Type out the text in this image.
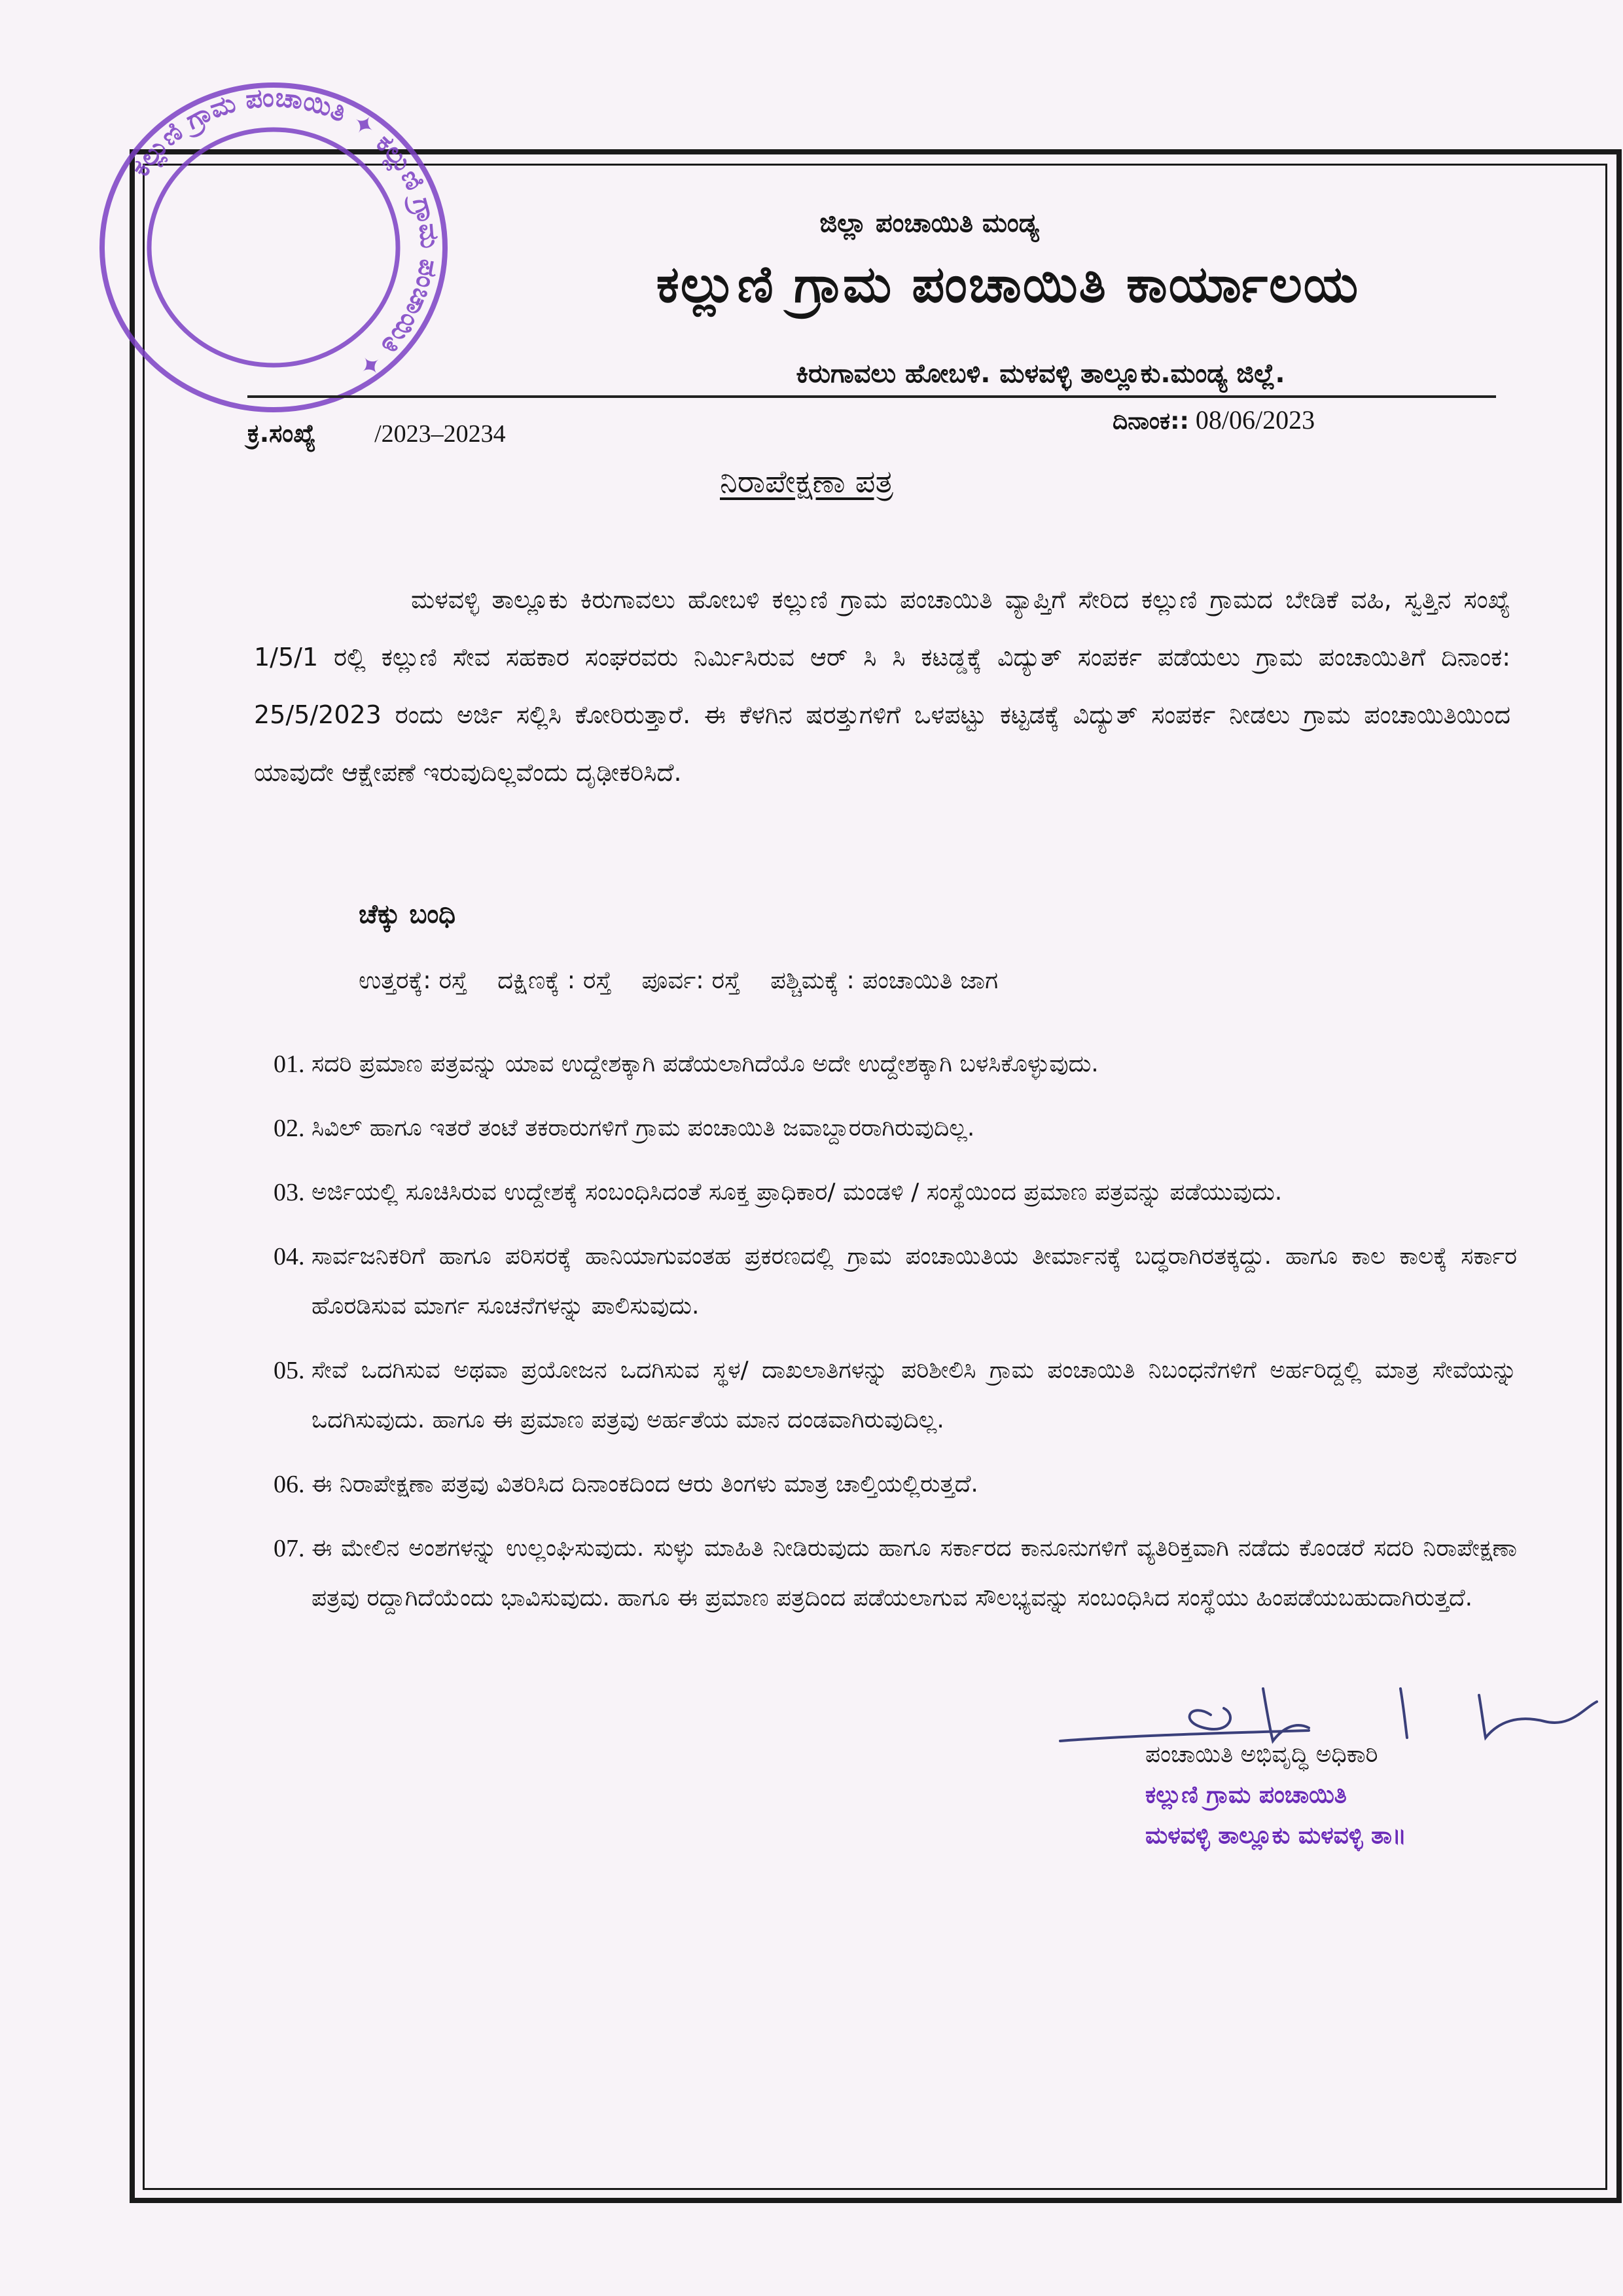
ಕಲ್ಲುಣಿ ಗ್ರಾಮ ಪಂಚಾಯಿತಿ ✦ ಕಲ್ಲುಣಿ ಗ್ರಾಮ ಪಂಚಾಯಿತಿ ✦
ಜಿಲ್ಲಾ ಪಂಚಾಯಿತಿ ಮಂಡ್ಯ
ಕಲ್ಲುಣಿ ಗ್ರಾಮ ಪಂಚಾಯಿತಿ ಕಾರ್ಯಾಲಯ
ಕಿರುಗಾವಲು ಹೋಬಳಿ. ಮಳವಳ್ಳಿ ತಾಲ್ಲೂಕು.ಮಂಡ್ಯ ಜಿಲ್ಲೆ.
ಕ್ರ.ಸಂಖ್ಯೆ /2023–20234	ದಿನಾಂಕ:: 08/06/2023
ನಿರಾಪೇಕ್ಷಣಾ ಪತ್ರ
ಮಳವಳ್ಳಿ ತಾಲ್ಲೂಕು ಕಿರುಗಾವಲು ಹೋಬಳಿ ಕಲ್ಲುಣಿ ಗ್ರಾಮ ಪಂಚಾಯಿತಿ ವ್ಯಾಪ್ತಿಗೆ ಸೇರಿದ ಕಲ್ಲುಣಿ ಗ್ರಾಮದ ಬೇಡಿಕೆ ವಹಿ, ಸ್ವತ್ತಿನ ಸಂಖ್ಯೆ 1/5/1 ರಲ್ಲಿ ಕಲ್ಲುಣಿ ಸೇವ ಸಹಕಾರ ಸಂಘರವರು ನಿರ್ಮಿಸಿರುವ ಆರ್ ಸಿ ಸಿ ಕಟಡ್ಡಕ್ಕೆ ವಿದ್ಯುತ್ ಸಂಪರ್ಕ ಪಡೆಯಲು ಗ್ರಾಮ ಪಂಚಾಯಿತಿಗೆ ದಿನಾಂಕ: 25/5/2023 ರಂದು ಅರ್ಜಿ ಸಲ್ಲಿಸಿ ಕೋರಿರುತ್ತಾರೆ. ಈ ಕೆಳಗಿನ ಷರತ್ತುಗಳಿಗೆ ಒಳಪಟ್ಟು ಕಟ್ಟಡಕ್ಕೆ ವಿದ್ಯುತ್ ಸಂಪರ್ಕ ನೀಡಲು ಗ್ರಾಮ ಪಂಚಾಯಿತಿಯಿಂದ ಯಾವುದೇ ಆಕ್ಷೇಪಣೆ ಇರುವುದಿಲ್ಲವೆಂದು ದೃಢೀಕರಿಸಿದೆ.
ಚೆಕ್ಕು ಬಂಧಿ
ಉತ್ತರಕ್ಕೆ: ರಸ್ತೆ ದಕ್ಷಿಣಕ್ಕೆ : ರಸ್ತೆ ಪೂರ್ವ: ರಸ್ತೆ ಪಶ್ಚಿಮಕ್ಕೆ : ಪಂಚಾಯಿತಿ ಜಾಗ
01. ಸದರಿ ಪ್ರಮಾಣ ಪತ್ರವನ್ನು ಯಾವ ಉದ್ದೇಶಕ್ಕಾಗಿ ಪಡೆಯಲಾಗಿದೆಯೊ ಅದೇ ಉದ್ದೇಶಕ್ಕಾಗಿ ಬಳಸಿಕೊಳ್ಳುವುದು.
02. ಸಿವಿಲ್ ಹಾಗೂ ಇತರೆ ತಂಟೆ ತಕರಾರುಗಳಿಗೆ ಗ್ರಾಮ ಪಂಚಾಯಿತಿ ಜವಾಬ್ದಾರರಾಗಿರುವುದಿಲ್ಲ.
03. ಅರ್ಜಿಯಲ್ಲಿ ಸೂಚಿಸಿರುವ ಉದ್ದೇಶಕ್ಕೆ ಸಂಬಂಧಿಸಿದಂತೆ ಸೂಕ್ತ ಪ್ರಾಧಿಕಾರ/ ಮಂಡಳಿ / ಸಂಸ್ಥೆಯಿಂದ ಪ್ರಮಾಣ ಪತ್ರವನ್ನು ಪಡೆಯುವುದು.
04. ಸಾರ್ವಜನಿಕರಿಗೆ ಹಾಗೂ ಪರಿಸರಕ್ಕೆ ಹಾನಿಯಾಗುವಂತಹ ಪ್ರಕರಣದಲ್ಲಿ ಗ್ರಾಮ ಪಂಚಾಯಿತಿಯ ತೀರ್ಮಾನಕ್ಕೆ ಬದ್ಧರಾಗಿರತಕ್ಕದ್ದು. ಹಾಗೂ ಕಾಲ ಕಾಲಕ್ಕೆ ಸರ್ಕಾರ ಹೊರಡಿಸುವ ಮಾರ್ಗ ಸೂಚನೆಗಳನ್ನು ಪಾಲಿಸುವುದು.
05. ಸೇವೆ ಒದಗಿಸುವ ಅಥವಾ ಪ್ರಯೋಜನ ಒದಗಿಸುವ ಸ್ಥಳ/ ದಾಖಲಾತಿಗಳನ್ನು ಪರಿಶೀಲಿಸಿ ಗ್ರಾಮ ಪಂಚಾಯಿತಿ ನಿಬಂಧನೆಗಳಿಗೆ ಅರ್ಹರಿದ್ದಲ್ಲಿ ಮಾತ್ರ ಸೇವೆಯನ್ನು ಒದಗಿಸುವುದು. ಹಾಗೂ ಈ ಪ್ರಮಾಣ ಪತ್ರವು ಅರ್ಹತೆಯ ಮಾನ ದಂಡವಾಗಿರುವುದಿಲ್ಲ.
06. ಈ ನಿರಾಪೇಕ್ಷಣಾ ಪತ್ರವು ವಿತರಿಸಿದ ದಿನಾಂಕದಿಂದ ಆರು ತಿಂಗಳು ಮಾತ್ರ ಚಾಲ್ತಿಯಲ್ಲಿರುತ್ತದೆ.
07. ಈ ಮೇಲಿನ ಅಂಶಗಳನ್ನು ಉಲ್ಲಂಘಿಸುವುದು. ಸುಳ್ಳು ಮಾಹಿತಿ ನೀಡಿರುವುದು ಹಾಗೂ ಸರ್ಕಾರದ ಕಾನೂನುಗಳಿಗೆ ವ್ಯತಿರಿಕ್ತವಾಗಿ ನಡೆದು ಕೊಂಡರೆ ಸದರಿ ನಿರಾಪೇಕ್ಷಣಾ ಪತ್ರವು ರದ್ದಾಗಿದೆಯೆಂದು ಭಾವಿಸುವುದು. ಹಾಗೂ ಈ ಪ್ರಮಾಣ ಪತ್ರದಿಂದ ಪಡೆಯಲಾಗುವ ಸೌಲಭ್ಯವನ್ನು ಸಂಬಂಧಿಸಿದ ಸಂಸ್ಥೆಯು ಹಿಂಪಡೆಯಬಹುದಾಗಿರುತ್ತದೆ.
ಪಂಚಾಯಿತಿ ಅಭಿವೃದ್ಧಿ ಅಧಿಕಾರಿ
ಕಲ್ಲುಣಿ ಗ್ರಾಮ ಪಂಚಾಯಿತಿ
ಮಳವಳ್ಳಿ ತಾಲ್ಲೂಕು ಮಳವಳ್ಳಿ ತಾ॥
